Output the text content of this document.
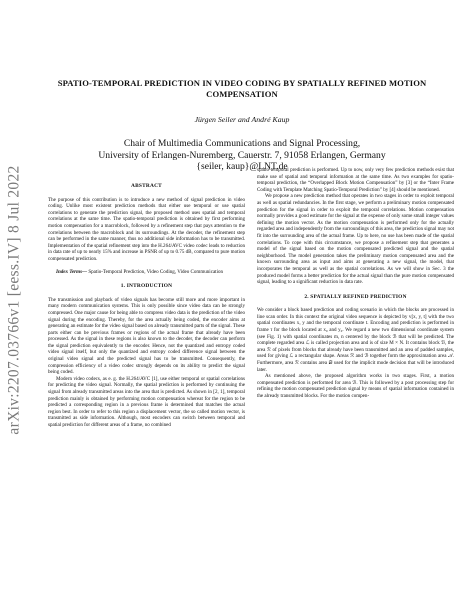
arXiv:2207.03766v1 [eess.IV] 8 Jul 2022
SPATIO-TEMPORAL PREDICTION IN VIDEO CODING BY SPATIALLY REFINED MOTION
COMPENSATION
Jürgen Seiler and André Kaup
Chair of Multimedia Communications and Signal Processing,
University of Erlangen-Nuremberg, Cauerstr. 7, 91058 Erlangen, Germany
{seiler, kaup}@LNT.de
ABSTRACT

The purpose of this contribution is to introduce a new method of signal prediction in video coding. Unlike most existent prediction methods that either use temporal or use spatial correlations to generate the prediction signal, the proposed method uses spatial and temporal correlations at the same time. The spatio-temporal prediction is obtained by first performing motion compensation for a macroblock, followed by a refinement step that pays attention to the correlations between the macroblock and its surroundings. At the decoder, the refinement step can be performed in the same manner, thus no additional side information has to be transmitted. Implementation of the spatial refinement step into the H.264/AVC video codec leads to reduction in data rate of up to nearly 15% and increase in PSNR of up to 0.75 dB, compared to pure motion compensated prediction.

Index Terms— Spatio-Temporal Prediction, Video Coding, Video Communication

1. INTRODUCTION

The transmission and playback of video signals has become still more and more important in many modern communication systems. This is only possible since video data can be strongly compressed. One major cause for being able to compress video data is the prediction of the video signal during the encoding. Thereby, for the area actually being coded, the encoder aims at generating an estimate for the video signal based on already transmitted parts of the signal. These parts either can be previous frames or regions of the actual frame that already have been processed. As the signal in these regions is also known to the decoder, the decoder can perform the signal prediction equivalently to the encoder. Hence, not the quantized and entropy coded video signal itself, but only the quantized and entropy coded difference signal between the original video signal and the predicted signal has to be transmitted. Consequently, the compression efficiency of a video codec strongly depends on its ability to predict the signal being coded.

Modern video codecs, as e. g. the H.264/AVC [1], use either temporal or spatial correlations for predicting the video signal. Normally, the spatial prediction is performed by continuing the signal from already transmitted areas into the area that is predicted. As shown in [2, 1], temporal prediction mainly is obtained by performing motion compensation whereat for the region to be predicted a corresponding region in a previous frame is determined that matches the actual region best. In order to refer to this region a displacement vector, the so called motion vector, is transmitted as side information. Although, most encoders can switch between temporal and spatial prediction for different areas of a frame, no combined

spatio-temporal prediction is performed. Up to now, only very few prediction methods exist that make use of spatial and temporal information at the same time. As two examples for spatio-temporal prediction, the “Overlapped Block Motion Compensation” by [3] or the “Inter Frame Coding with Template Matching Spatio-Temporal Prediction” by [4] should be mentioned.

We propose a new prediction method that operates in two stages in order to exploit temporal as well as spatial redundancies. In the first stage, we perform a preliminary motion compensated prediction for the signal in order to exploit the temporal correlations. Motion compensation normally provides a good estimate for the signal at the expense of only some small integer values defining the motion vector. As the motion compensation is performed only for the actually regarded area and independently from the surroundings of this area, the prediction signal may not fit into the surrounding area of the actual frame. Up to here, no use has been made of the spatial correlations. To cope with this circumstance, we propose a refinement step that generates a model of the signal based on the motion compensated predicted signal and the spatial neighborhood. The model generation takes the preliminary motion compensated area and the known surrounding area as input and aims at generating a new signal, the model, that incorporates the temporal as well as the spatial correlations. As we will show in Sec. 3 the produced model forms a better prediction for the actual signal than the pure motion compensated signal, leading to a significant reduction in data rate.

2. SPATIALLY REFINED PREDICTION

We consider a block based prediction and coding scenario in which the blocks are processed in line scan order. In this context the original video sequence is depicted by v[x, y, t] with the two spatial coordinates x, y and the temporal coordinate t. Encoding and prediction is performed in frame τ for the block located at x₀ and y₀. We regard a new two dimensional coordinate system (see Fig. 1) with spatial coordinates m, n centered by the block ℬ that will be predicted. The complete regarded area ℒ is called projection area and is of size M × N. It contains block ℬ, the area ℛ of pixels from blocks that already have been transmitted and an area of padded samples, used for giving ℒ a rectangular shape. Areas ℛ and ℬ together form the approximation area 𝒜. Furthermore, area ℛ contains area 𝒟 used for the implicit mode decision that will be introduced later.

As mentioned above, the proposed algorithm works in two stages. First, a motion compensated prediction is performed for area ℬ. This is followed by a post processing step for refining the motion compensated prediction signal by means of spatial information contained in the already transmitted blocks. For the motion compen-
